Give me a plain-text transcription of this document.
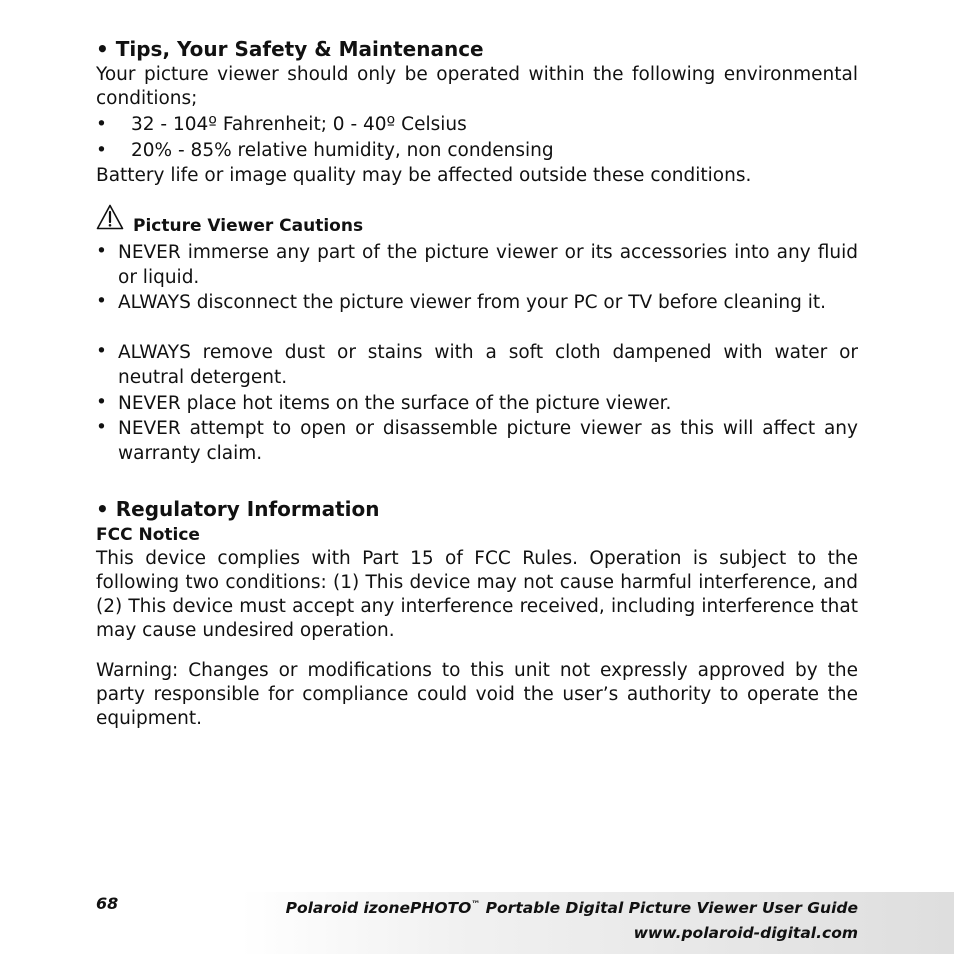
• Tips, Your Safety & Maintenance
Your picture viewer should only be operated within the following environmental conditions;
• 32 - 104º Fahrenheit; 0 - 40º Celsius
• 20% - 85% relative humidity, non condensing
Battery life or image quality may be affected outside these conditions.
Picture Viewer Cautions
• NEVER immerse any part of the picture viewer or its accessories into any fluid or liquid.
• ALWAYS disconnect the picture viewer from your PC or TV before cleaning it.
• ALWAYS remove dust or stains with a soft cloth dampened with water or neutral detergent.
• NEVER place hot items on the surface of the picture viewer.
• NEVER attempt to open or disassemble picture viewer as this will affect any warranty claim.
• Regulatory Information
FCC Notice
This device complies with Part 15 of FCC Rules. Operation is subject to the following two conditions: (1) This device may not cause harmful interference, and (2) This device must accept any interference received, including interference that may cause undesired operation.
Warning: Changes or modifications to this unit not expressly approved by the party responsible for compliance could void the user’s authority to operate the equipment.
68	Polaroid izonePHOTO™ Portable Digital Picture Viewer User Guide
www.polaroid-digital.com
